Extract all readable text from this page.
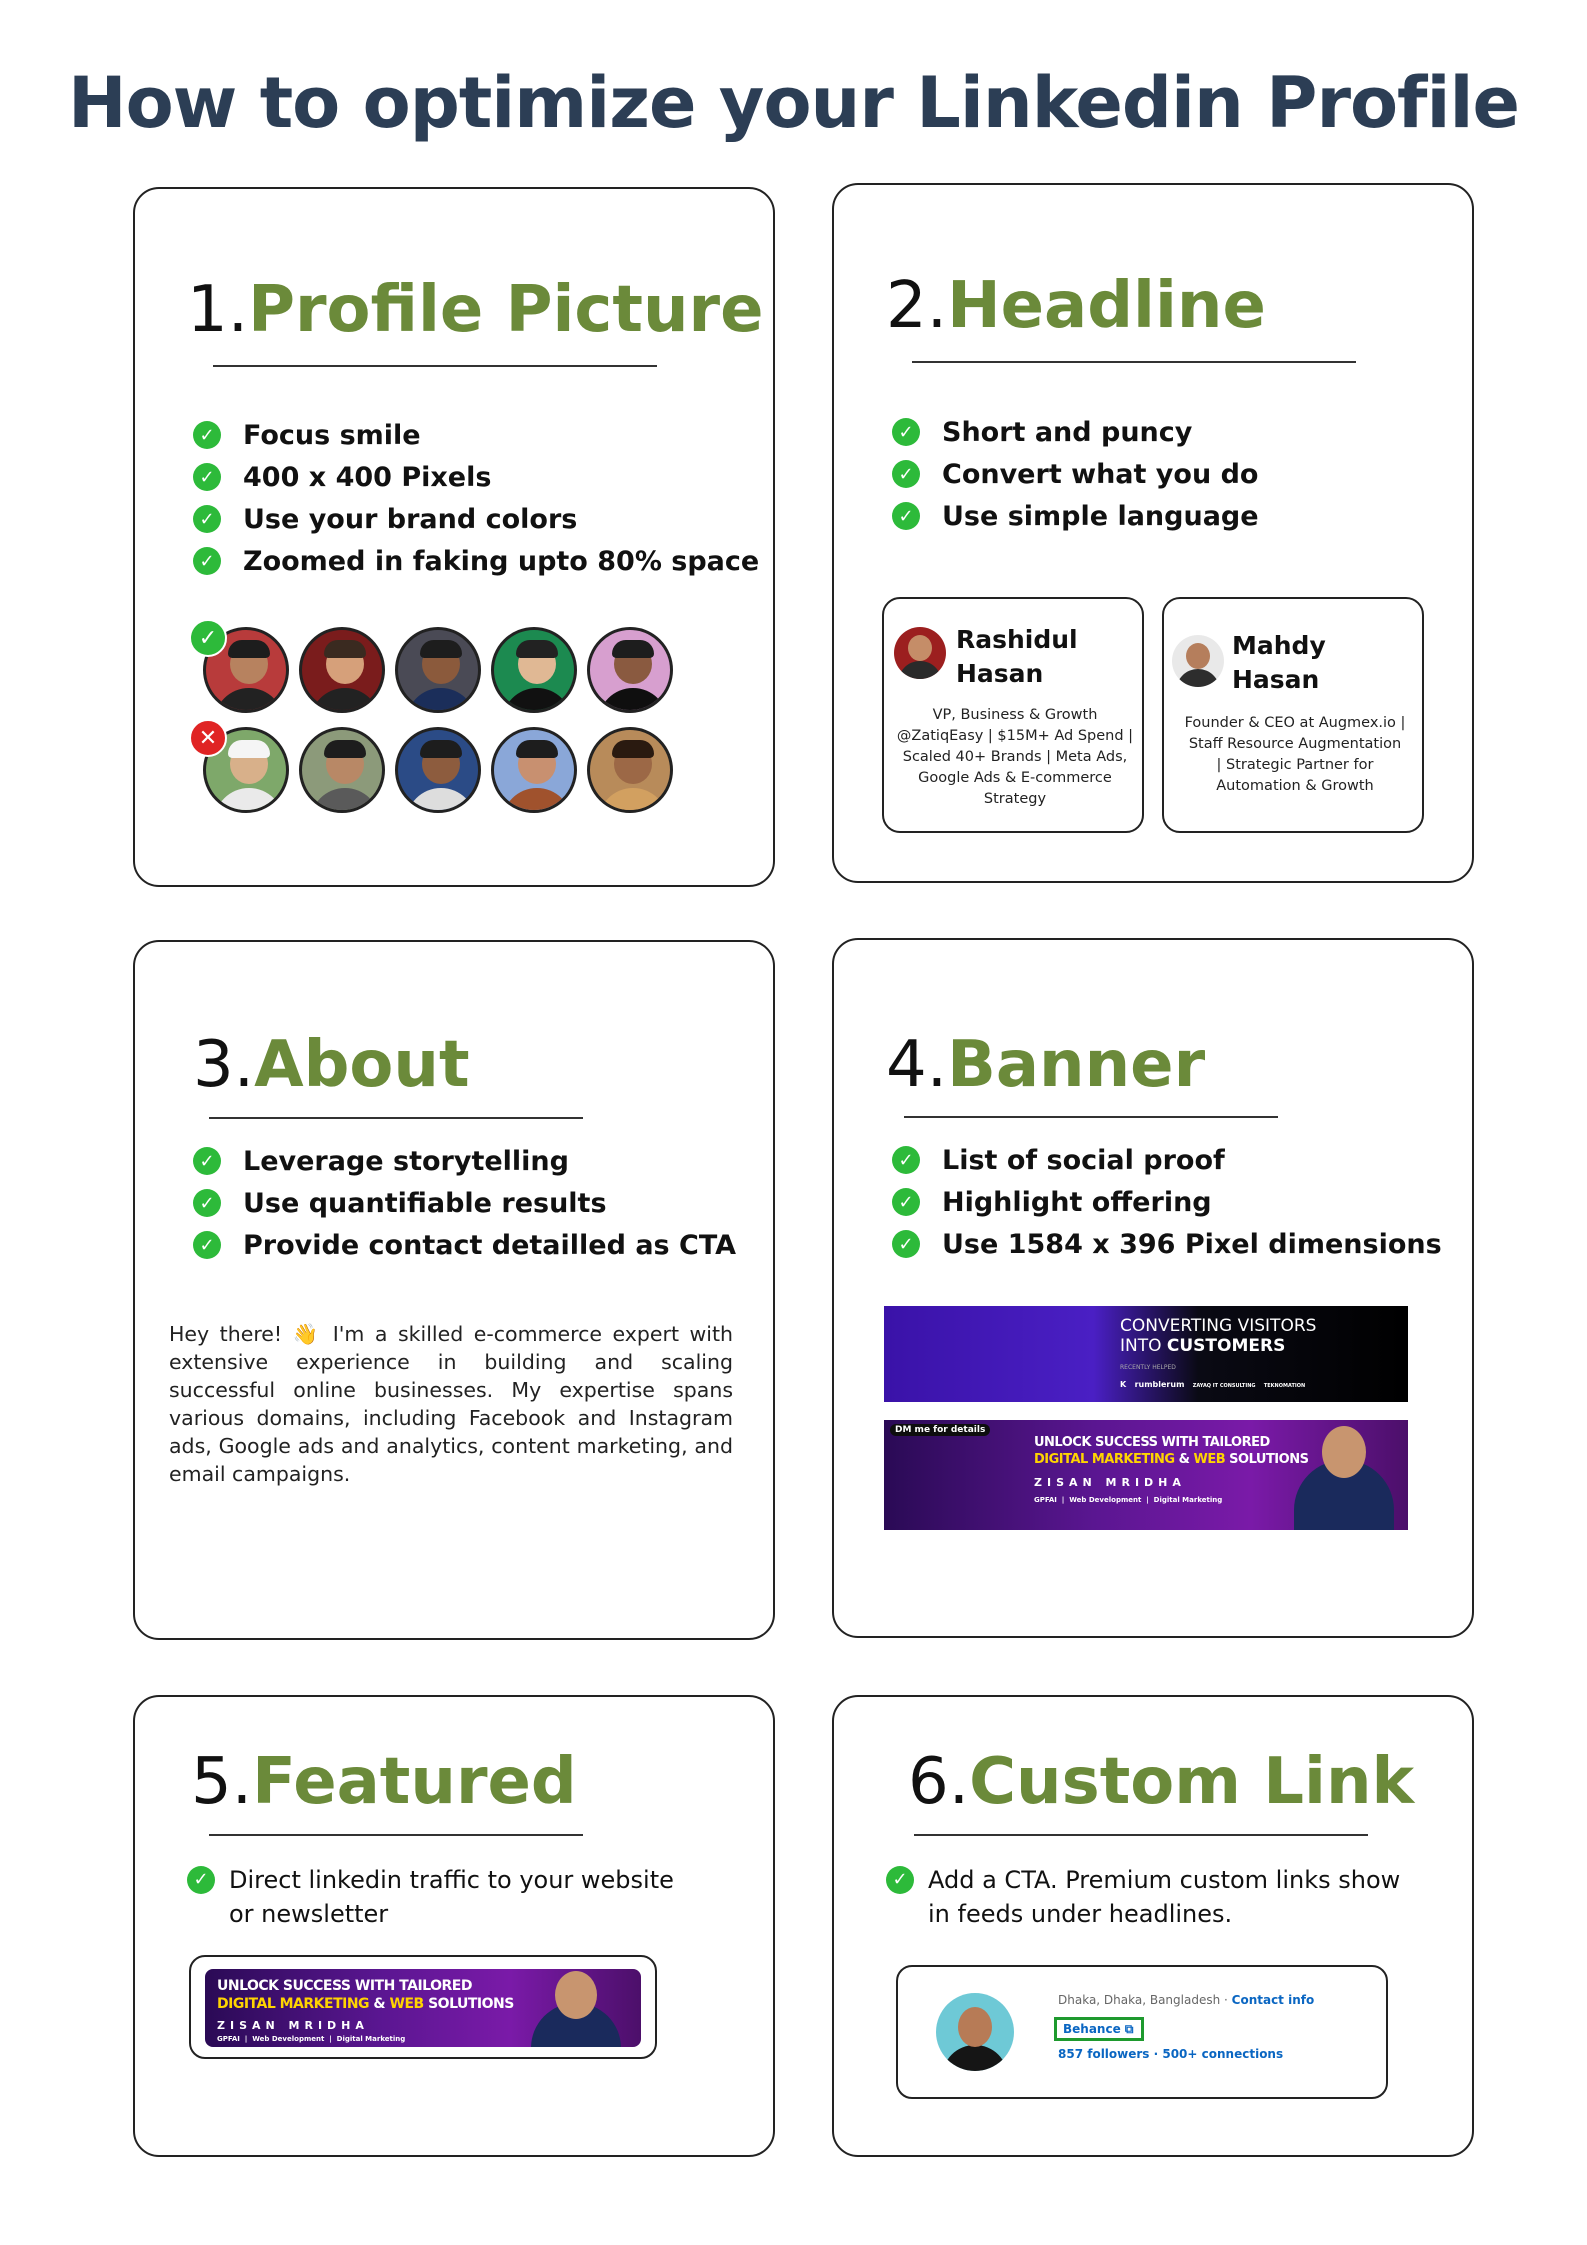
How to optimize your Linkedin Profile
1.Profile Picture
✓ Focus smile
✓ 400 x 400 Pixels
✓ Use your brand colors
✓ Zoomed in faking upto 80% space
✓
✕
2.Headline
✓ Short and puncy
✓ Convert what you do
✓ Use simple language
Rashidul
Hasan
VP, Business & Growth
@ZatiqEasy | $15M+ Ad Spend |
Scaled 40+ Brands | Meta Ads,
Google Ads & E-commerce
Strategy
Mahdy
Hasan
Founder & CEO at Augmex.io |
Staff Resource Augmentation
| Strategic Partner for
Automation & Growth
3.About
✓ Leverage storytelling
✓ Use quantifiable results
✓ Provide contact detailled as CTA

Hey there! 👋 I'm a skilled e-commerce expert with extensive experience in building and scaling successful online businesses. My expertise spans various domains, including Facebook and Instagram ads, Google ads and analytics, content marketing, and email campaigns.

4.Banner
✓ List of social proof
✓ Highlight offering
✓ Use 1584 x 396 Pixel dimensions
CONVERTING VISITORS
INTO CUSTOMERS
RECENTLY HELPED
K rumblerum ZAYAQ IT CONSULTING TEKNOMATION
DM me for details
UNLOCK SUCCESS WITH TAILORED
DIGITAL MARKETING & WEB SOLUTIONS
ZISAN MRIDHA
GPFAI  |  Web Development  |  Digital Marketing
5.Featured
✓ Direct linkedin traffic to your website
or newsletter
UNLOCK SUCCESS WITH TAILORED
DIGITAL MARKETING & WEB SOLUTIONS
ZISAN MRIDHA
GPFAI  |  Web Development  |  Digital Marketing
6.Custom Link
✓ Add a CTA. Premium custom links show
in feeds under headlines.
Dhaka, Dhaka, Bangladesh · Contact info
Behance ⧉
857 followers · 500+ connections
